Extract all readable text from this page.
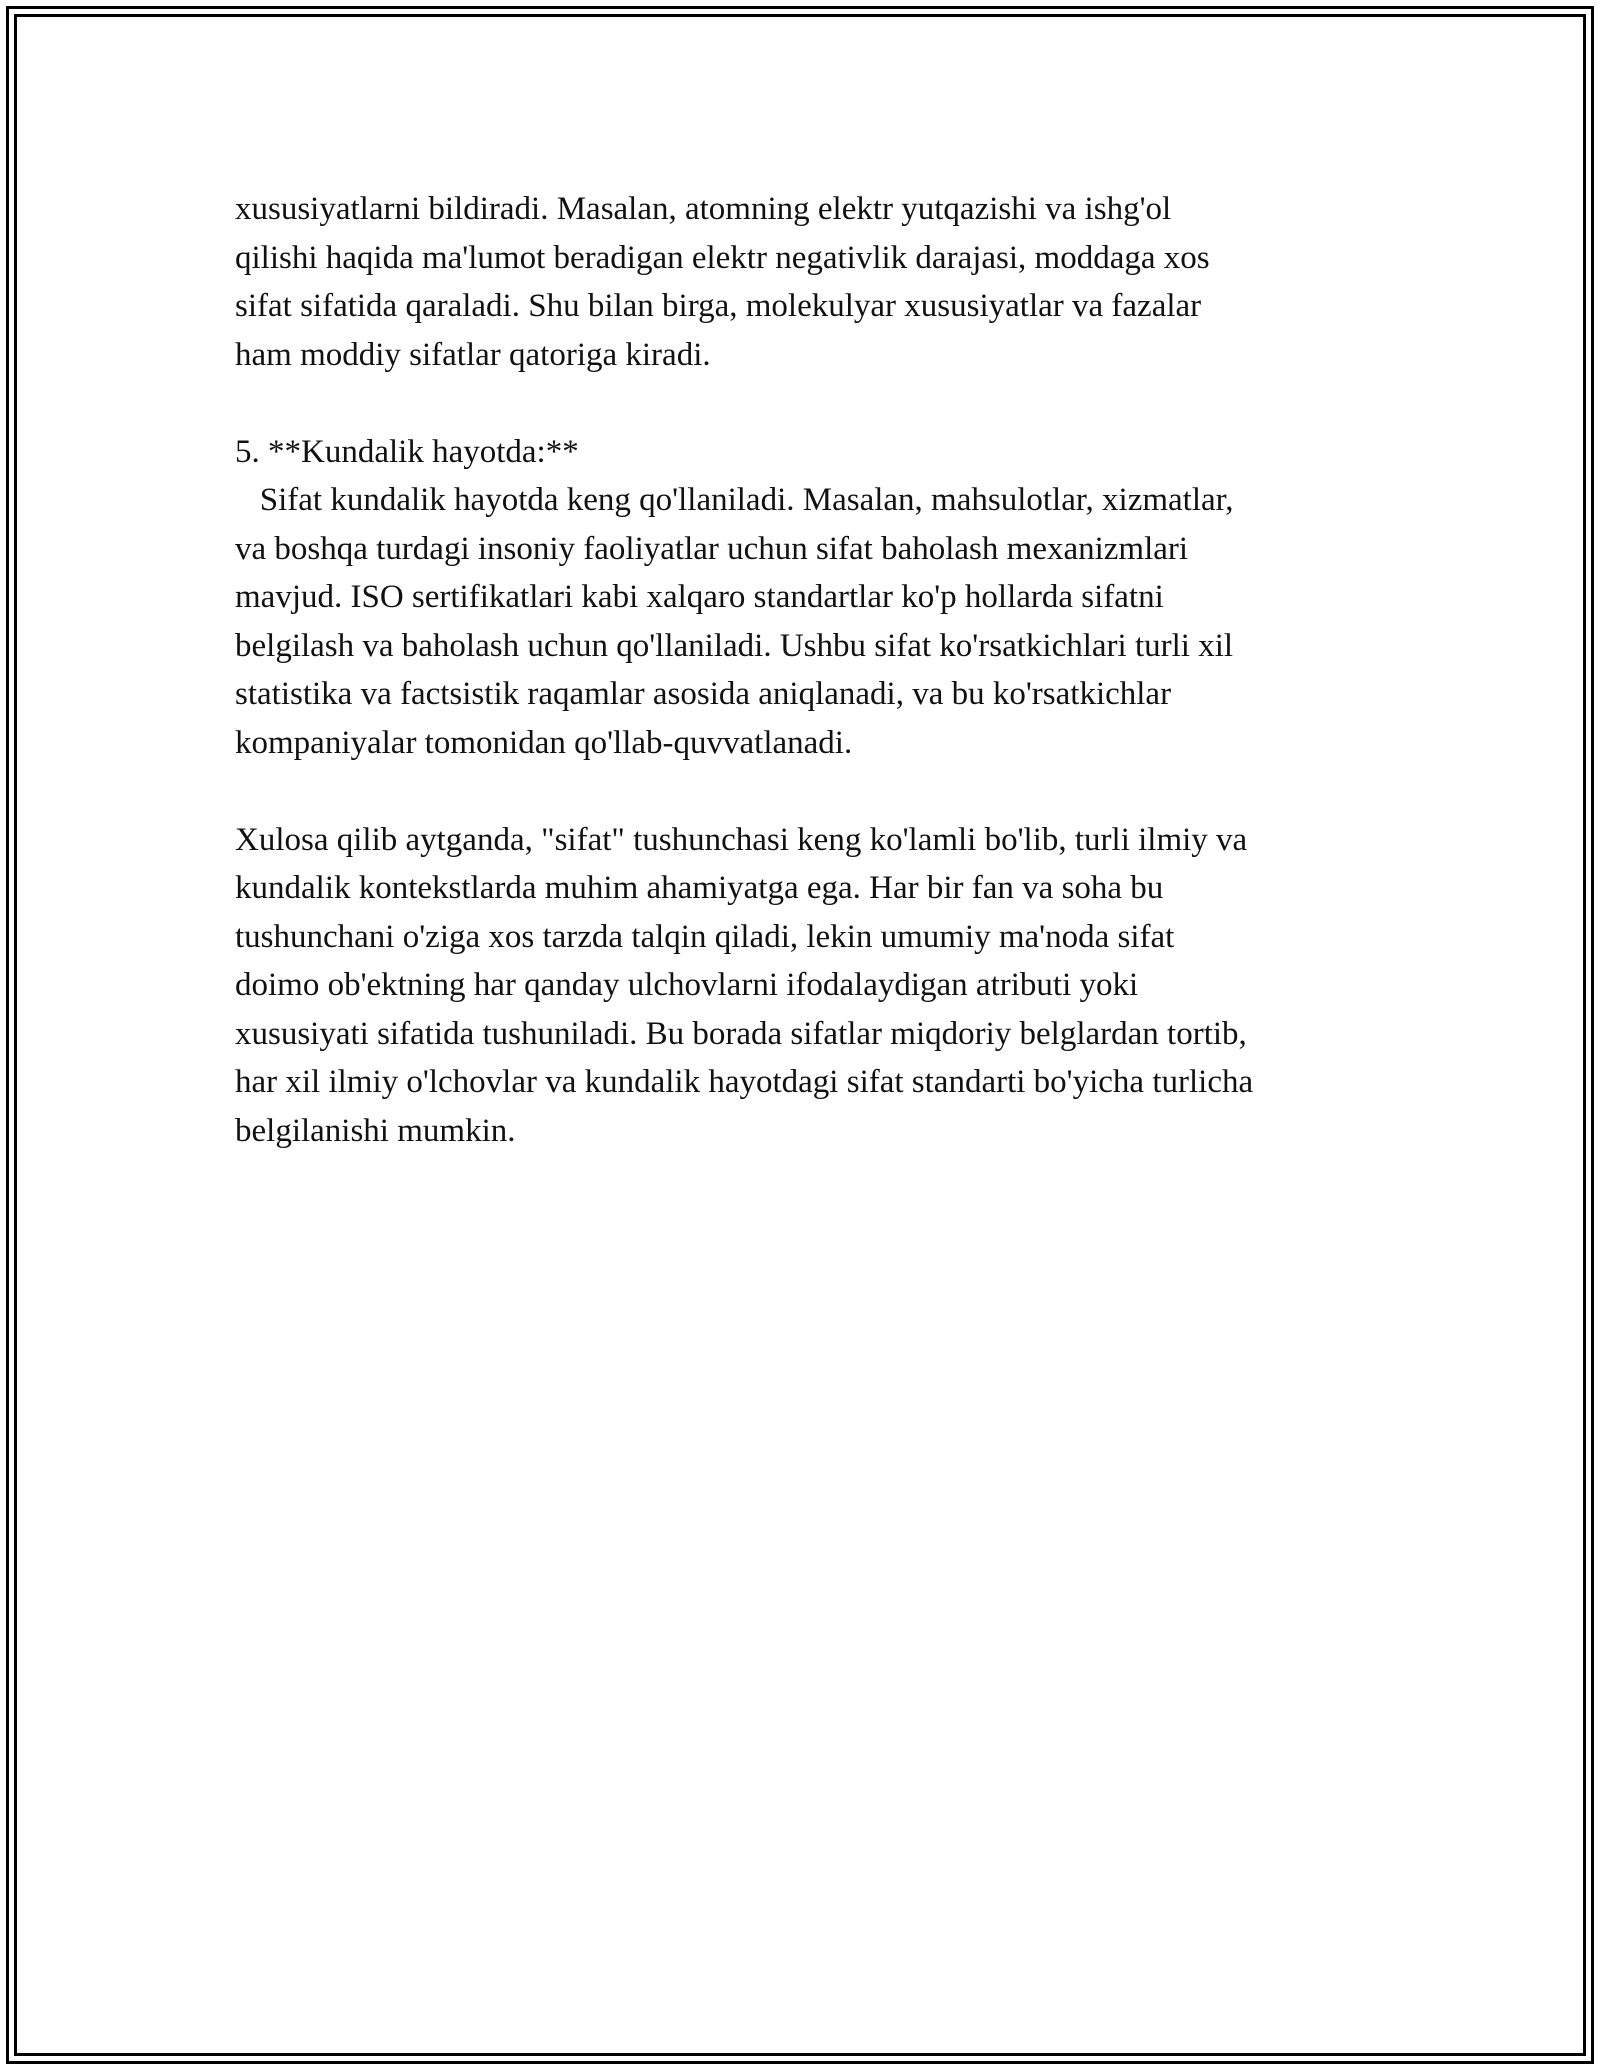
xususiyatlarni bildiradi. Masalan, atomning elektr yutqazishi va ishg'ol
qilishi haqida ma'lumot beradigan elektr negativlik darajasi, moddaga xos
sifat sifatida qaraladi. Shu bilan birga, molekulyar xususiyatlar va fazalar
ham moddiy sifatlar qatoriga kiradi.
5. **Kundalik hayotda:**
Sifat kundalik hayotda keng qo'llaniladi. Masalan, mahsulotlar, xizmatlar,
va boshqa turdagi insoniy faoliyatlar uchun sifat baholash mexanizmlari
mavjud. ISO sertifikatlari kabi xalqaro standartlar ko'p hollarda sifatni
belgilash va baholash uchun qo'llaniladi. Ushbu sifat ko'rsatkichlari turli xil
statistika va factsistik raqamlar asosida aniqlanadi, va bu ko'rsatkichlar
kompaniyalar tomonidan qo'llab-quvvatlanadi.
Xulosa qilib aytganda, "sifat" tushunchasi keng ko'lamli bo'lib, turli ilmiy va
kundalik kontekstlarda muhim ahamiyatga ega. Har bir fan va soha bu
tushunchani o'ziga xos tarzda talqin qiladi, lekin umumiy ma'noda sifat
doimo ob'ektning har qanday ulchovlarni ifodalaydigan atributi yoki
xususiyati sifatida tushuniladi. Bu borada sifatlar miqdoriy belglardan tortib,
har xil ilmiy o'lchovlar va kundalik hayotdagi sifat standarti bo'yicha turlicha
belgilanishi mumkin.
